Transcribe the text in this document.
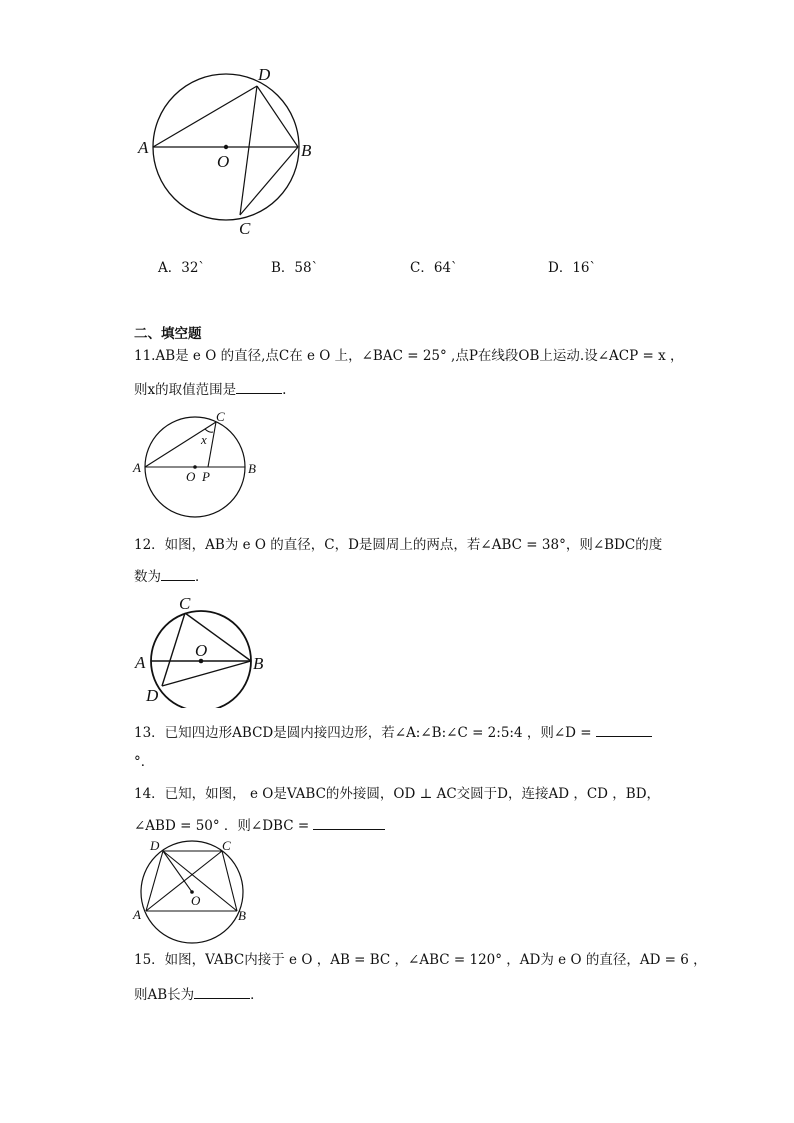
D
A	B
O
C
A．32`	B．58`	C．64`	D．16`
二、填空题
11.AB是 e O 的直径,点C在 e O 上，∠BAC = 25° ,点P在线段OB上运动.设∠ACP = x ，
则x的取值范围是	.
C
x
A	B
O P
12．如图，AB为 e O 的直径，C，D是圆周上的两点，若∠ABC = 38°，则∠BDC的度
数为	．
C
O
A	B
D
13．已知四边形ABCD是圆内接四边形，若∠A:∠B:∠C = 2:5:4 ，则∠D =
°．
14．已知，如图， e O是VABC的外接圆，OD ⊥ AC交圆于D，连接AD ，CD ，BD，
∠ABD = 50° ．则∠DBC =
D	C
O
A	B
15．如图，VABC内接于 e O ，AB = BC ，∠ABC = 120° ，AD为 e O 的直径，AD = 6 ，
则AB长为	．
